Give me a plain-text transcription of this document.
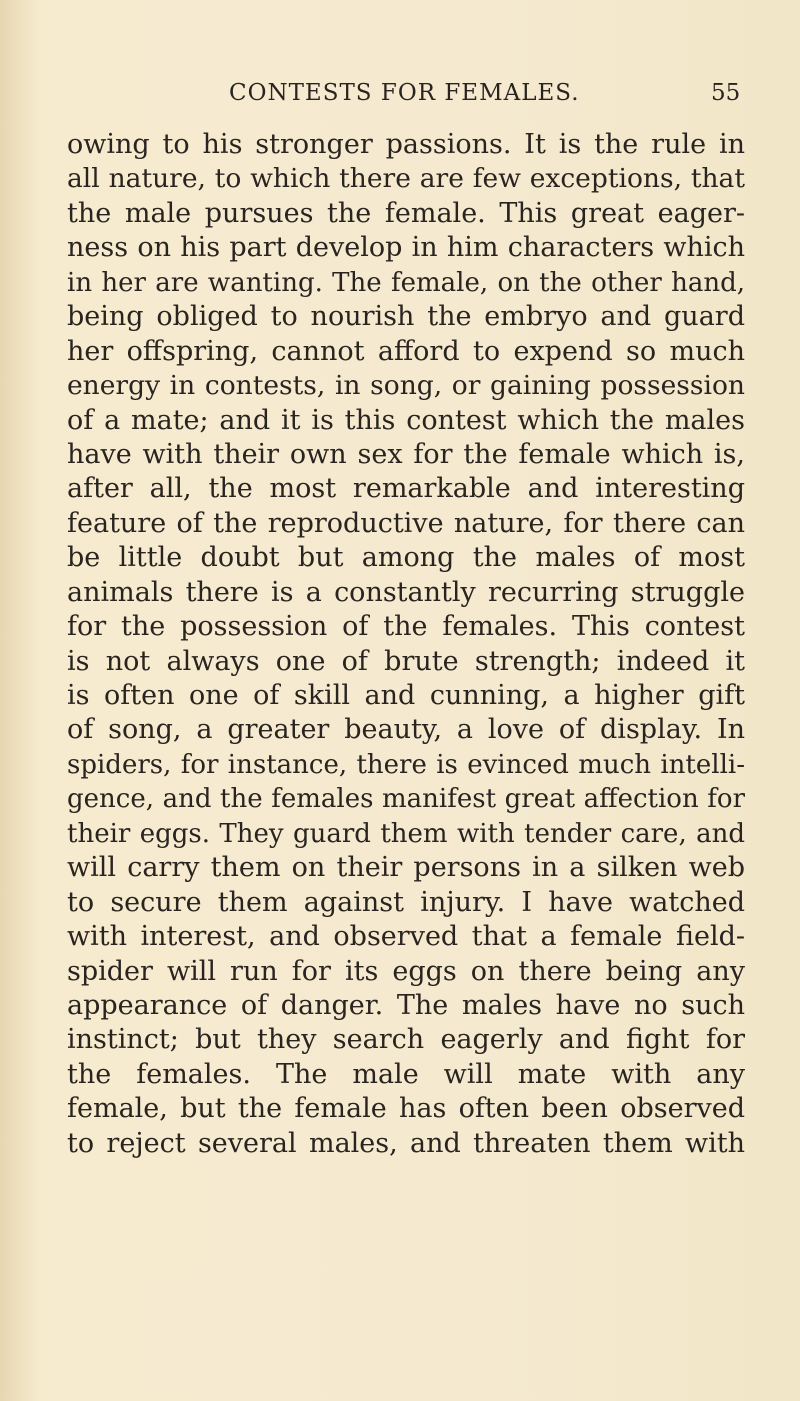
CONTESTS FOR FEMALES.	55
owing to his stronger passions. It is the rule in
all nature, to which there are few exceptions, that
the male pursues the female. This great eager-
ness on his part develop in him characters which
in her are wanting. The female, on the other hand,
being obliged to nourish the embryo and guard
her offspring, cannot afford to expend so much
energy in contests, in song, or gaining possession
of a mate; and it is this contest which the males
have with their own sex for the female which is,
after all, the most remarkable and interesting
feature of the reproductive nature, for there can
be little doubt but among the males of most
animals there is a constantly recurring struggle
for the possession of the females. This contest
is not always one of brute strength; indeed it
is often one of skill and cunning, a higher gift
of song, a greater beauty, a love of display. In
spiders, for instance, there is evinced much intelli-
gence, and the females manifest great affection for
their eggs. They guard them with tender care, and
will carry them on their persons in a silken web
to secure them against injury. I have watched
with interest, and observed that a female field-
spider will run for its eggs on there being any
appearance of danger. The males have no such
instinct; but they search eagerly and fight for
the females. The male will mate with any
female, but the female has often been observed
to reject several males, and threaten them with
